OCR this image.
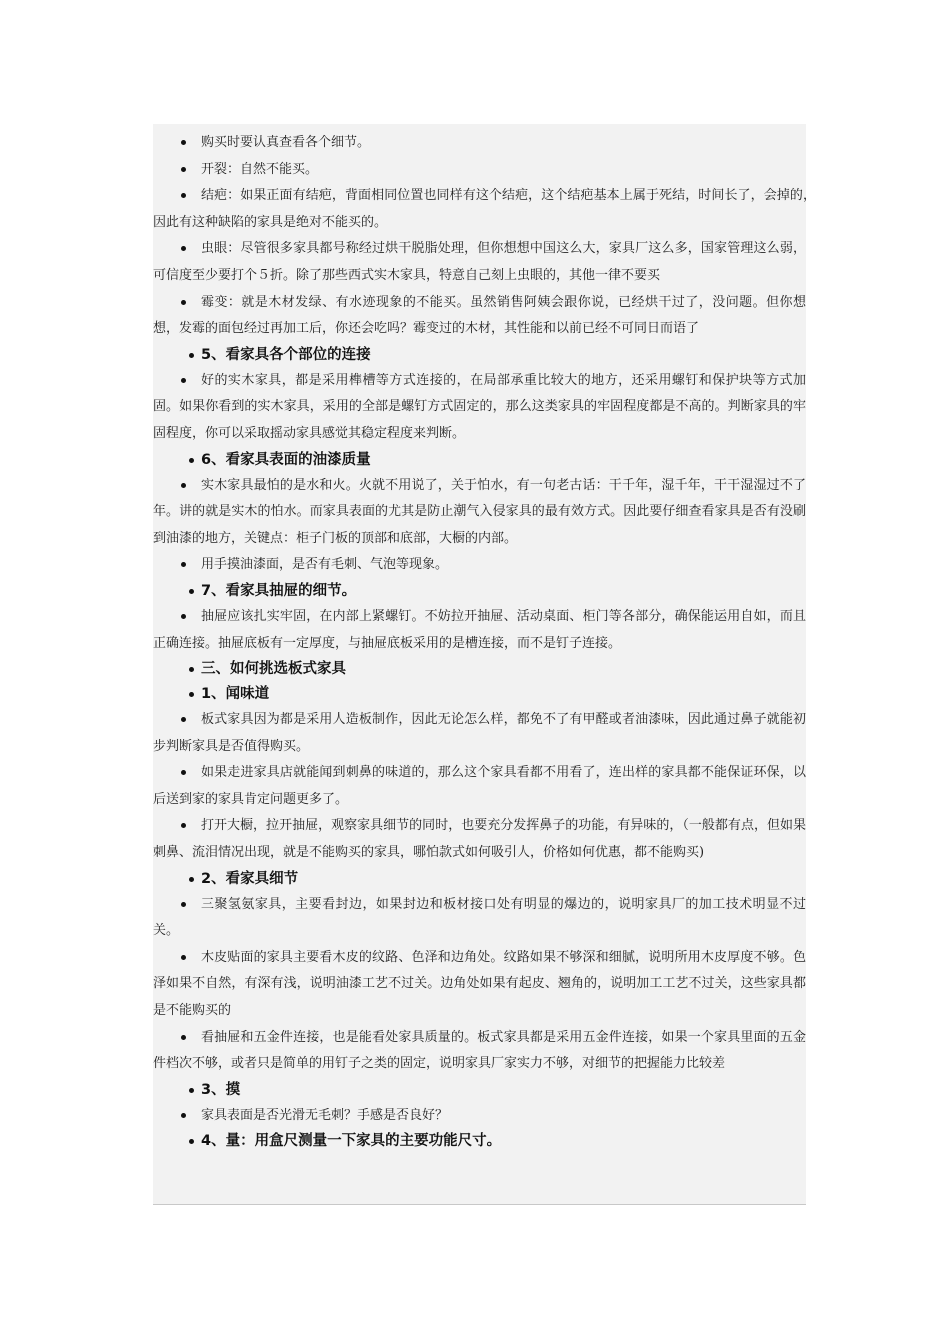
购买时要认真查看各个细节。

开裂：自然不能买。

结疤：如果正面有结疤，背面相同位置也同样有这个结疤，这个结疤基本上属于死结，时间长了，会掉的，因此有这种缺陷的家具是绝对不能买的。

虫眼：尽管很多家具都号称经过烘干脱脂处理，但你想想中国这么大，家具厂这么多，国家管理这么弱，可信度至少要打个５折。除了那些西式实木家具，特意自己刻上虫眼的，其他一律不要买

霉变：就是木材发绿、有水迹现象的不能买。虽然销售阿姨会跟你说，已经烘干过了，没问题。但你想想，发霉的面包经过再加工后，你还会吃吗？霉变过的木材，其性能和以前已经不可同日而语了

5、看家具各个部位的连接

好的实木家具，都是采用榫槽等方式连接的，在局部承重比较大的地方，还采用螺钉和保护块等方式加固。如果你看到的实木家具，采用的全部是螺钉方式固定的，那么这类家具的牢固程度都是不高的。判断家具的牢固程度，你可以采取摇动家具感觉其稳定程度来判断。

6、看家具表面的油漆质量

实木家具最怕的是水和火。火就不用说了，关于怕水，有一句老古话：干千年，湿千年，干干湿湿过不了年。讲的就是实木的怕水。而家具表面的尤其是防止潮气入侵家具的最有效方式。因此要仔细查看家具是否有没刷到油漆的地方，关键点：柜子门板的顶部和底部，大橱的内部。

用手摸油漆面，是否有毛刺、气泡等现象。

7、看家具抽屉的细节。

抽屉应该扎实牢固，在内部上紧螺钉。不妨拉开抽屉、活动桌面、柜门等各部分，确保能运用自如，而且正确连接。抽屉底板有一定厚度，与抽屉底板采用的是槽连接，而不是钉子连接。

三、如何挑选板式家具

1、闻味道

板式家具因为都是采用人造板制作，因此无论怎么样，都免不了有甲醛或者油漆味，因此通过鼻子就能初步判断家具是否值得购买。

如果走进家具店就能闻到刺鼻的味道的，那么这个家具看都不用看了，连出样的家具都不能保证环保，以后送到家的家具肯定问题更多了。

打开大橱，拉开抽屉，观察家具细节的同时，也要充分发挥鼻子的功能，有异味的，（一般都有点，但如果刺鼻、流泪情况出现，就是不能购买的家具，哪怕款式如何吸引人，价格如何优惠，都不能购买)

2、看家具细节

三聚氢氨家具，主要看封边，如果封边和板材接口处有明显的爆边的，说明家具厂的加工技术明显不过关。

木皮贴面的家具主要看木皮的纹路、色泽和边角处。纹路如果不够深和细腻，说明所用木皮厚度不够。色泽如果不自然，有深有浅，说明油漆工艺不过关。边角处如果有起皮、翘角的，说明加工工艺不过关，这些家具都是不能购买的

看抽屉和五金件连接，也是能看处家具质量的。板式家具都是采用五金件连接，如果一个家具里面的五金件档次不够，或者只是简单的用钉子之类的固定，说明家具厂家实力不够，对细节的把握能力比较差

3、摸

家具表面是否光滑无毛刺？手感是否良好？

4、量：用盒尺测量一下家具的主要功能尺寸。
